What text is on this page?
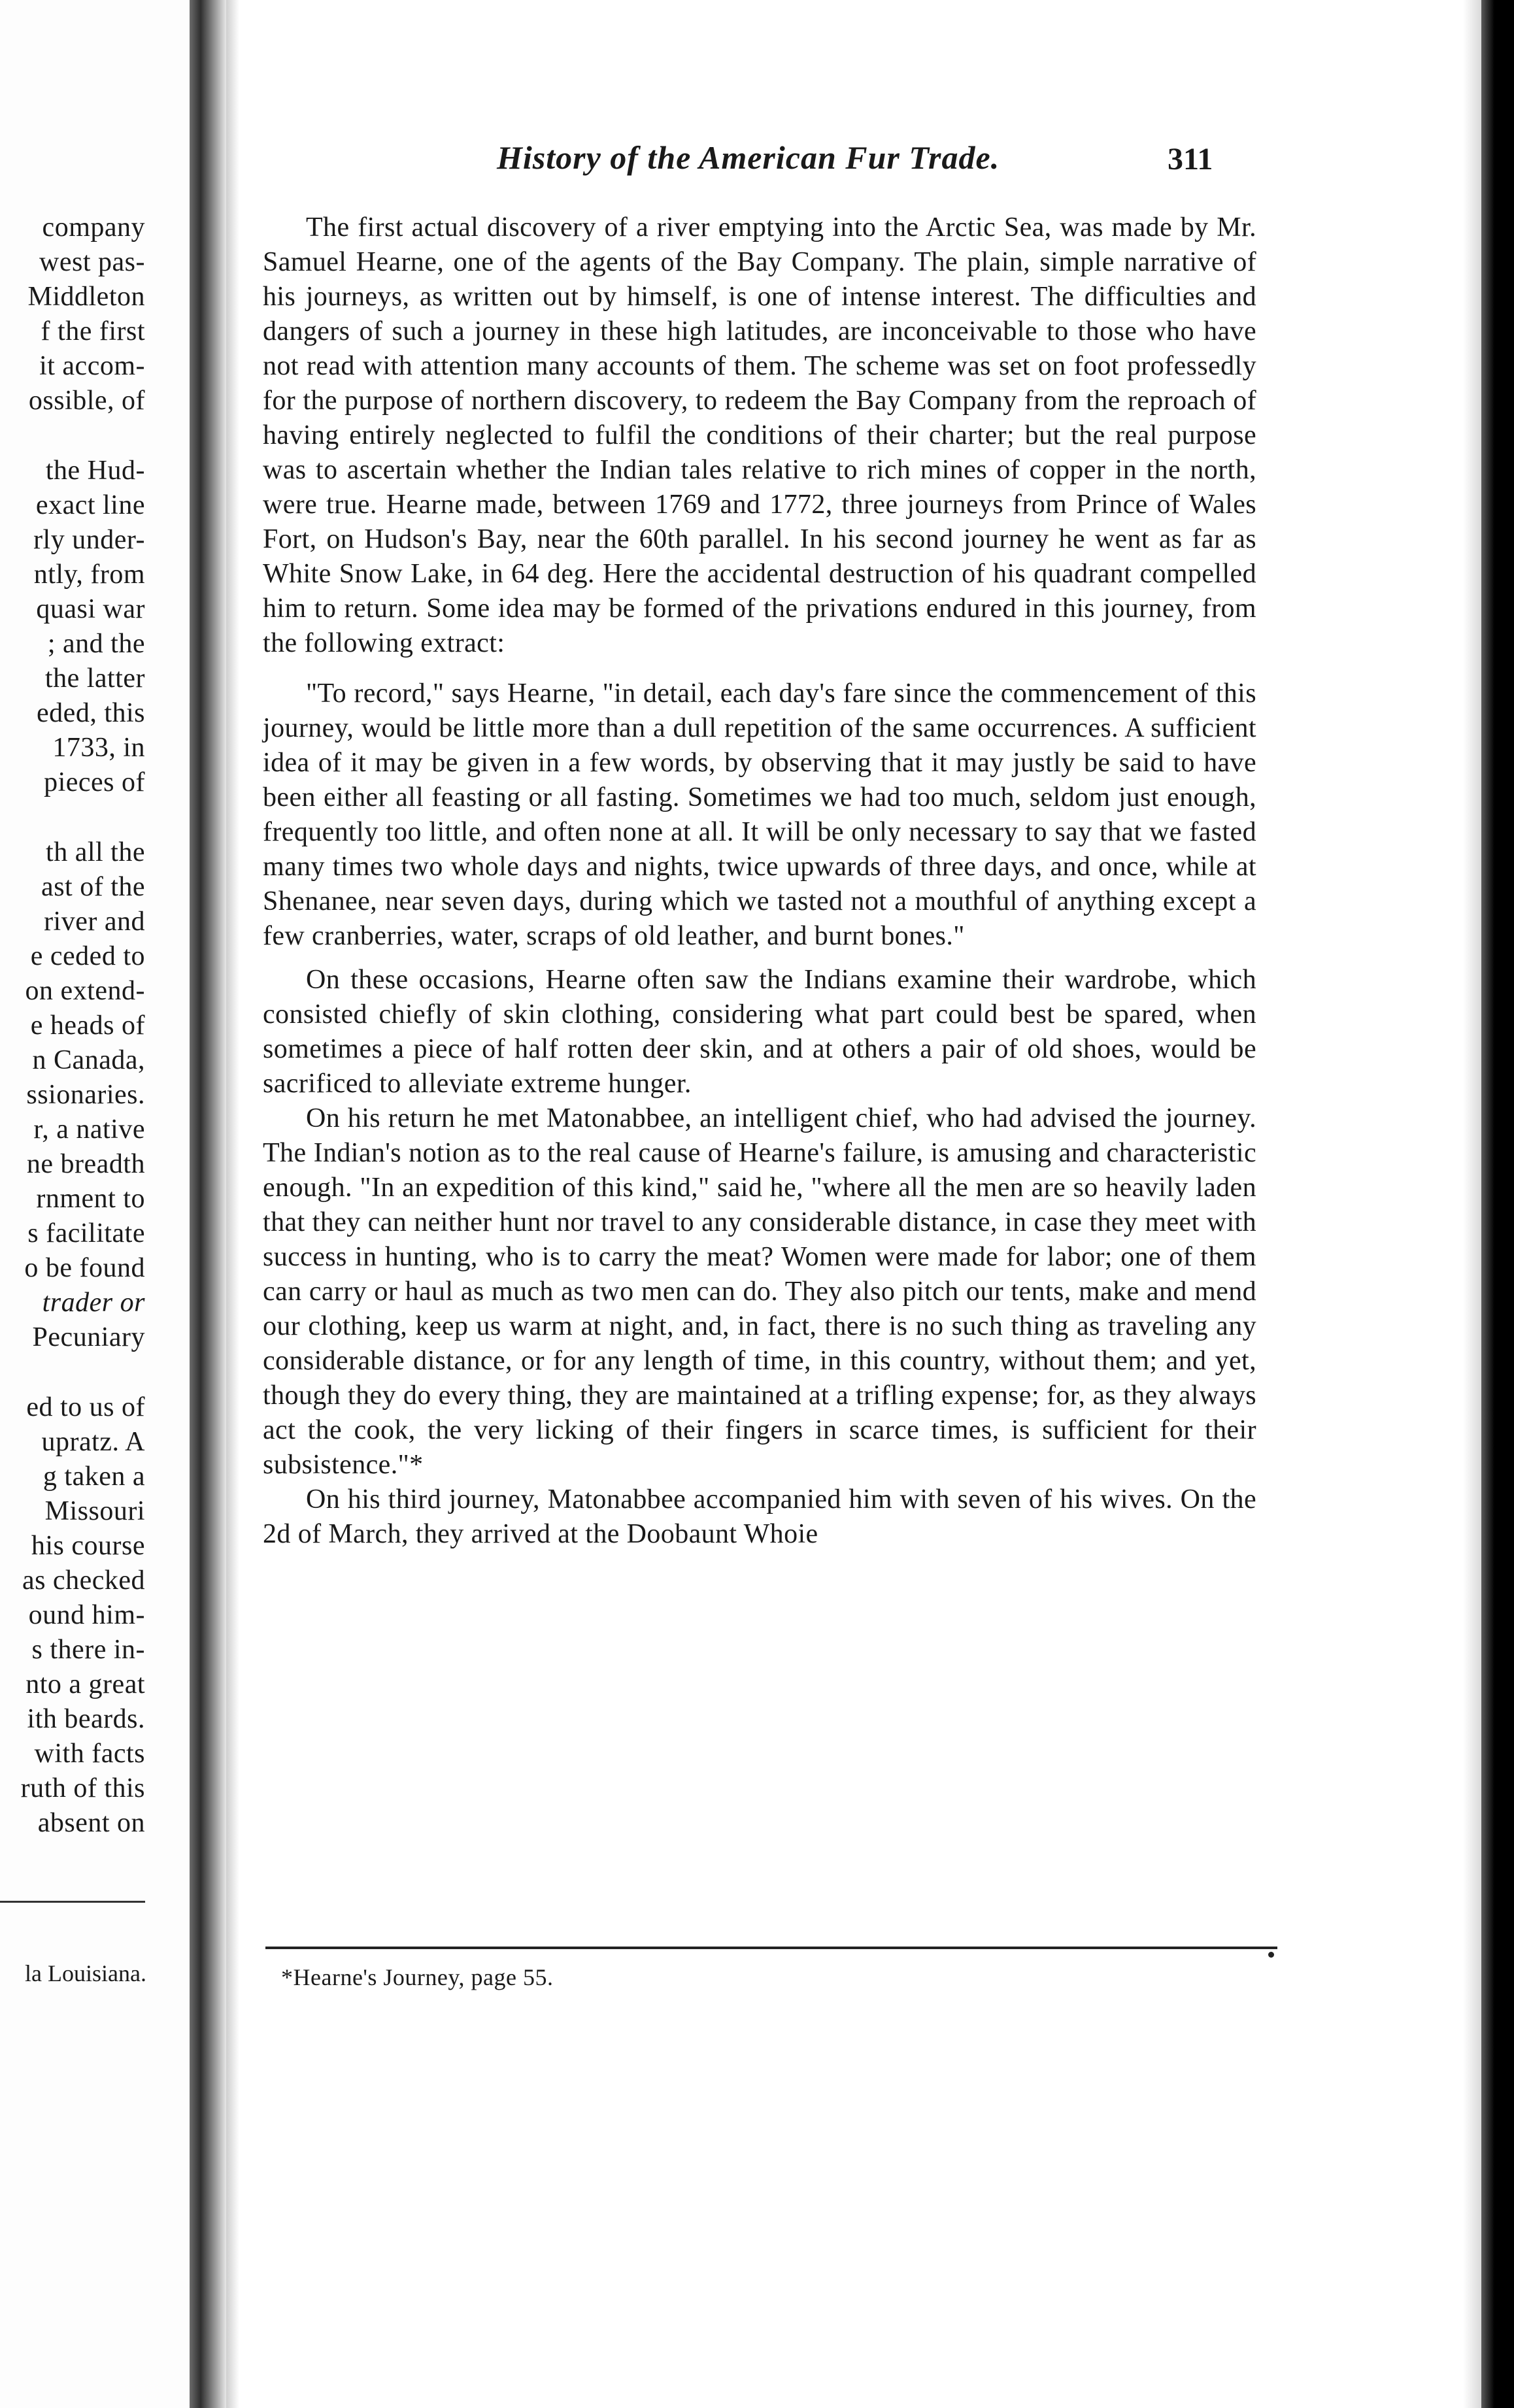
company
west pas-
Middleton
f the first
it accom-
ossible, of
the Hud-
exact line
rly under-
ntly, from
quasi war
; and the
the latter
eded, this
1733, in
pieces of
th all the
ast of the
river and
e ceded to
on extend-
e heads of
n Canada,
ssionaries.
r, a native
ne breadth
rnment to
s facilitate
o be found
trader or
Pecuniary
ed to us of
upratz. A
g taken a
Missouri
his course
as checked
ound him-
s there in-
nto a great
ith beards.
with facts
ruth of this
absent on
la Louisiana.
History of the American Fur Trade.	311

The first actual discovery of a river emptying into the Arctic Sea, was made by Mr. Samuel Hearne, one of the agents of the Bay Company. The plain, simple narrative of his journeys, as written out by himself, is one of intense interest. The difficulties and dangers of such a journey in these high latitudes, are inconceivable to those who have not read with attention many accounts of them. The scheme was set on foot professedly for the purpose of northern discovery, to redeem the Bay Company from the reproach of having entirely neglected to fulfil the conditions of their charter; but the real purpose was to ascertain whether the Indian tales relative to rich mines of copper in the north, were true. Hearne made, between 1769 and 1772, three journeys from Prince of Wales Fort, on Hudson's Bay, near the 60th parallel. In his second journey he went as far as White Snow Lake, in 64 deg. Here the accidental destruction of his quadrant compelled him to return. Some idea may be formed of the privations endured in this journey, from the following extract:

"To record," says Hearne, "in detail, each day's fare since the commencement of this journey, would be little more than a dull repetition of the same occurrences. A sufficient idea of it may be given in a few words, by observing that it may justly be said to have been either all feasting or all fasting. Sometimes we had too much, seldom just enough, frequently too little, and often none at all. It will be only necessary to say that we fasted many times two whole days and nights, twice upwards of three days, and once, while at Shenanee, near seven days, during which we tasted not a mouthful of anything except a few cranberries, water, scraps of old leather, and burnt bones."

On these occasions, Hearne often saw the Indians examine their wardrobe, which consisted chiefly of skin clothing, considering what part could best be spared, when sometimes a piece of half rotten deer skin, and at others a pair of old shoes, would be sacrificed to alleviate extreme hunger.

On his return he met Matonabbee, an intelligent chief, who had advised the journey. The Indian's notion as to the real cause of Hearne's failure, is amusing and characteristic enough. "In an expedition of this kind," said he, "where all the men are so heavily laden that they can neither hunt nor travel to any considerable distance, in case they meet with success in hunting, who is to carry the meat? Women were made for labor; one of them can carry or haul as much as two men can do. They also pitch our tents, make and mend our clothing, keep us warm at night, and, in fact, there is no such thing as traveling any considerable distance, or for any length of time, in this country, without them; and yet, though they do every thing, they are maintained at a trifling expense; for, as they always act the cook, the very licking of their fingers in scarce times, is sufficient for their subsistence."*

On his third journey, Matonabbee accompanied him with seven of his wives. On the 2d of March, they arrived at the Doobaunt Whoie

*Hearne's Journey, page 55.
